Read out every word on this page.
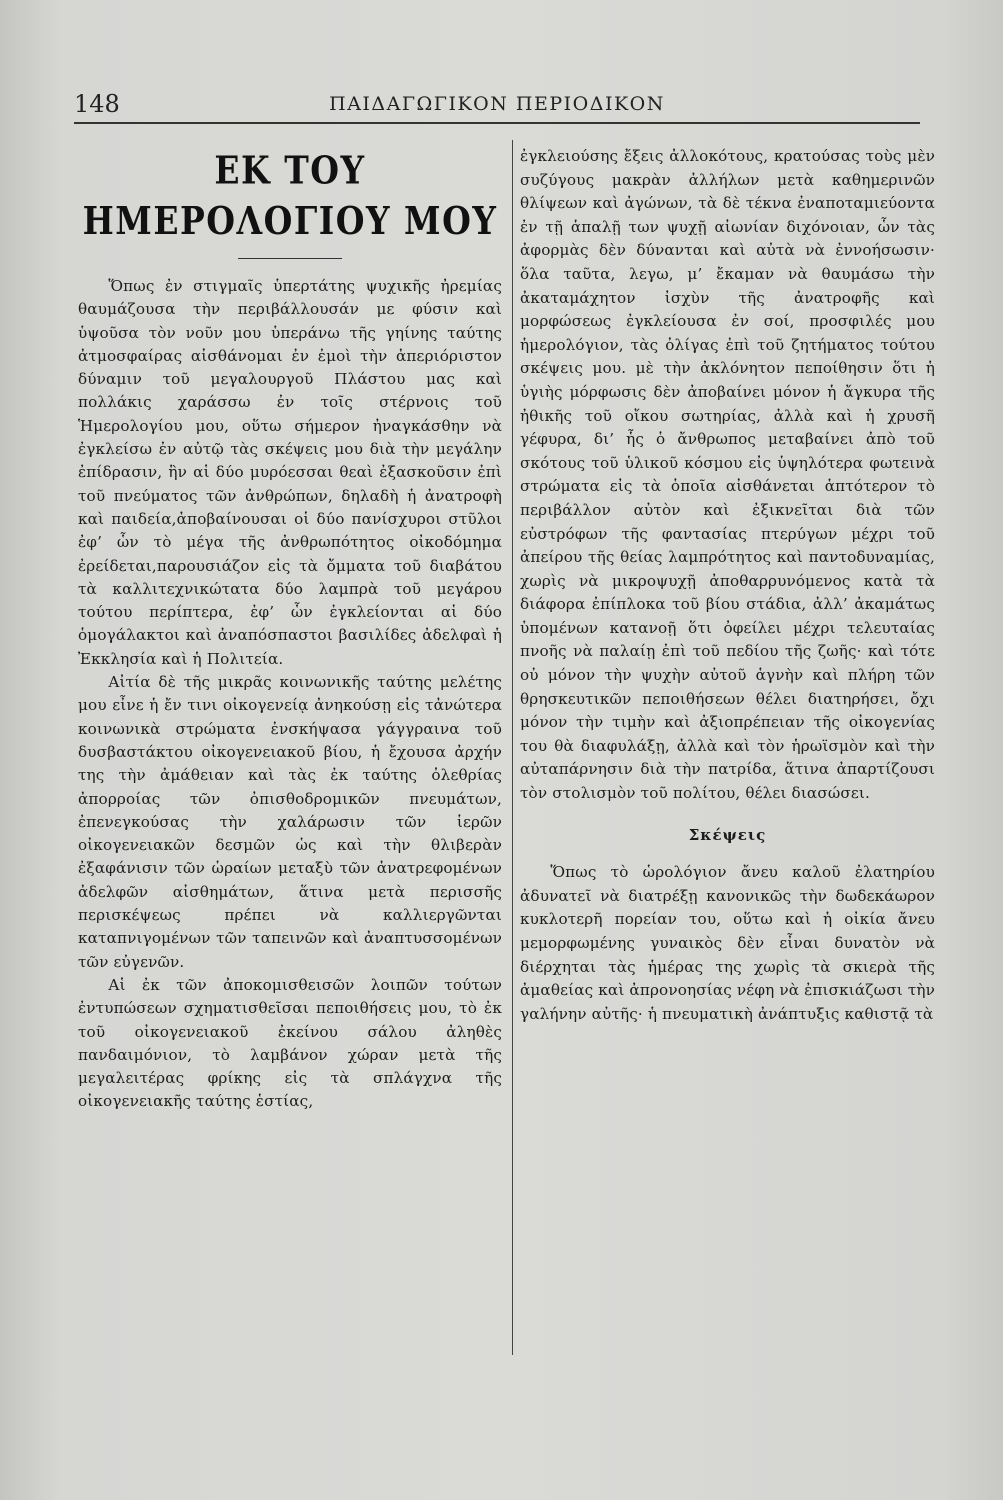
148	ΠΑΙΔΑΓΩΓΙΚΟΝ ΠΕΡΙΟΔΙΚΟΝ
ΕΚ ΤΟΥ ΗΜΕΡΟΛΟΓΙΟΥ ΜΟΥ

Ὅπως ἐν στιγμαῖς ὑπερτάτης ψυχικῆς ἠρεμίας θαυμάζουσα τὴν περιβάλλουσάν με φύσιν καὶ ὑψοῦσα τὸν νοῦν μου ὑπεράνω τῆς γηίνης ταύτης ἀτμοσφαίρας αἰσθάνομαι ἐν ἐμοὶ τὴν ἀπεριόριστον δύναμιν τοῦ μεγαλουργοῦ Πλάστου μας καὶ πολλάκις χαράσσω ἐν τοῖς στέρνοις τοῦ Ἡμερολογίου μου, οὕτω σήμερον ἠναγκάσθην νὰ ἐγκλείσω ἐν αὐτῷ τὰς σκέψεις μου διὰ τὴν μεγάλην ἐπίδρασιν, ἣν αἱ δύο μυρόεσσαι θεαὶ ἐξασκοῦσιν ἐπὶ τοῦ πνεύματος τῶν ἀνθρώπων, δηλαδὴ ἡ ἀνατροφὴ καὶ παιδεία,ἀποβαίνουσαι οἱ δύο πανίσχυροι στῦλοι ἐφ’ ὧν τὸ μέγα τῆς ἀνθρωπότητος οἰκοδόμημα ἐρείδεται,παρουσιάζον εἰς τὰ ὄμματα τοῦ διαβάτου τὰ καλλιτεχνικώτατα δύο λαμπρὰ τοῦ μεγάρου τούτου περίπτερα, ἐφ’ ὧν ἐγκλείονται αἱ δύο ὁμογάλακτοι καὶ ἀναπόσπαστοι βασιλίδες ἀδελφαὶ ἡ Ἐκκλησία καὶ ἡ Πολιτεία.

Αἰτία δὲ τῆς μικρᾶς κοινωνικῆς ταύτης μελέτης μου εἶνε ἡ ἔν τινι οἰκογενείᾳ ἀνηκούσῃ εἰς τἀνώτερα κοινωνικὰ στρώματα ἐνσκήψασα γάγγραινα τοῦ δυσβαστάκτου οἰκογενειακοῦ βίου, ἡ ἔχουσα ἀρχήν της τὴν ἀμάθειαν καὶ τὰς ἐκ ταύτης ὀλεθρίας ἀπορροίας τῶν ὀπισθοδρομικῶν πνευμάτων, ἐπενεγκούσας τὴν χαλάρωσιν τῶν ἱερῶν οἰκογενειακῶν δεσμῶν ὡς καὶ τὴν θλιβερὰν ἐξαφάνισιν τῶν ὡραίων μεταξὺ τῶν ἀνατρεφομένων ἀδελφῶν αἰσθημάτων, ἅτινα μετὰ περισσῆς περισκέψεως πρέπει νὰ καλλιεργῶνται καταπνιγομένων τῶν ταπεινῶν καὶ ἀναπτυσσομένων τῶν εὐγενῶν.

Αἱ ἐκ τῶν ἀποκομισθεισῶν λοιπῶν τούτων ἐντυπώσεων σχηματισθεῖσαι πεποιθήσεις μου, τὸ ἐκ τοῦ οἰκογενειακοῦ ἐκείνου σάλου ἀληθὲς πανδαιμόνιον, τὸ λαμβάνον χώραν μετὰ τῆς μεγαλειτέρας φρίκης εἰς τὰ σπλάγχνα τῆς οἰκογενειακῆς ταύτης ἑστίας,

ἐγκλειούσης ἔξεις ἀλλοκότους, κρατούσας τοὺς μὲν συζύγους μακρὰν ἀλλήλων μετὰ καθημερινῶν θλίψεων καὶ ἀγώνων, τὰ δὲ τέκνα ἐναποταμιεύοντα ἐν τῇ ἁπαλῇ των ψυχῇ αἰωνίαν διχόνοιαν, ὧν τὰς ἀφορμὰς δὲν δύνανται καὶ αὐτὰ νὰ ἐννοήσωσιν· ὅλα ταῦτα, λεγω, μ’ ἔκαμαν νὰ θαυμάσω τὴν ἀκαταμάχητον ἰσχὺν τῆς ἀνατροφῆς καὶ μορφώσεως ἐγκλείουσα ἐν σοί, προσφιλές μου ἡμερολόγιον, τὰς ὀλίγας ἐπὶ τοῦ ζητήματος τούτου σκέψεις μου. μὲ τὴν ἀκλόνητον πεποίθησιν ὅτι ἡ ὑγιὴς μόρφωσις δὲν ἀποβαίνει μόνον ἡ ἄγκυρα τῆς ἠθικῆς τοῦ οἴκου σωτηρίας, ἀλλὰ καὶ ἡ χρυσῆ γέφυρα, δι’ ἧς ὁ ἄνθρωπος μεταβαίνει ἀπὸ τοῦ σκότους τοῦ ὑλικοῦ κόσμου εἰς ὑψηλότερα φωτεινὰ στρώματα εἰς τὰ ὁποῖα αἰσθάνεται ἁπτότερον τὸ περιβάλλον αὐτὸν καὶ ἐξικνεῖται διὰ τῶν εὐστρόφων τῆς φαντασίας πτερύγων μέχρι τοῦ ἀπείρου τῆς θείας λαμπρότητος καὶ παντοδυναμίας, χωρὶς νὰ μικροψυχῇ ἀποθαρρυνόμενος κατὰ τὰ διάφορα ἐπίπλοκα τοῦ βίου στάδια, ἀλλ’ ἀκαμάτως ὑπομένων κατανοῇ ὅτι ὀφείλει μέχρι τελευταίας πνοῆς νὰ παλαίῃ ἐπὶ τοῦ πεδίου τῆς ζωῆς· καὶ τότε οὐ μόνον τὴν ψυχὴν αὐτοῦ ἁγνὴν καὶ πλήρη τῶν θρησκευτικῶν πεποιθήσεων θέλει διατηρήσει, ὄχι μόνον τὴν τιμὴν καὶ ἀξιοπρέπειαν τῆς οἰκογενίας του θὰ διαφυλάξῃ, ἀλλὰ καὶ τὸν ἡρωϊσμὸν καὶ τὴν αὐταπάρνησιν διὰ τὴν πατρίδα, ἅτινα ἀπαρτίζουσι τὸν στολισμὸν τοῦ πολίτου, θέλει διασώσει.

Σκέψεις

Ὅπως τὸ ὡρολόγιον ἄνευ καλοῦ ἐλατηρίου ἀδυνατεῖ νὰ διατρέξῃ κανονικῶς τὴν δωδεκάωρον κυκλοτερῆ πορείαν του, οὕτω καὶ ἡ οἰκία ἄνευ μεμορφωμένης γυναικὸς δὲν εἶναι δυνατὸν νὰ διέρχηται τὰς ἡμέρας της χωρὶς τὰ σκιερὰ τῆς ἀμαθείας καὶ ἀπρονοησίας νέφη νὰ ἐπισκιάζωσι τὴν γαλήνην αὐτῆς· ἡ πνευματικὴ ἀνάπτυξις καθιστᾷ τὰ
